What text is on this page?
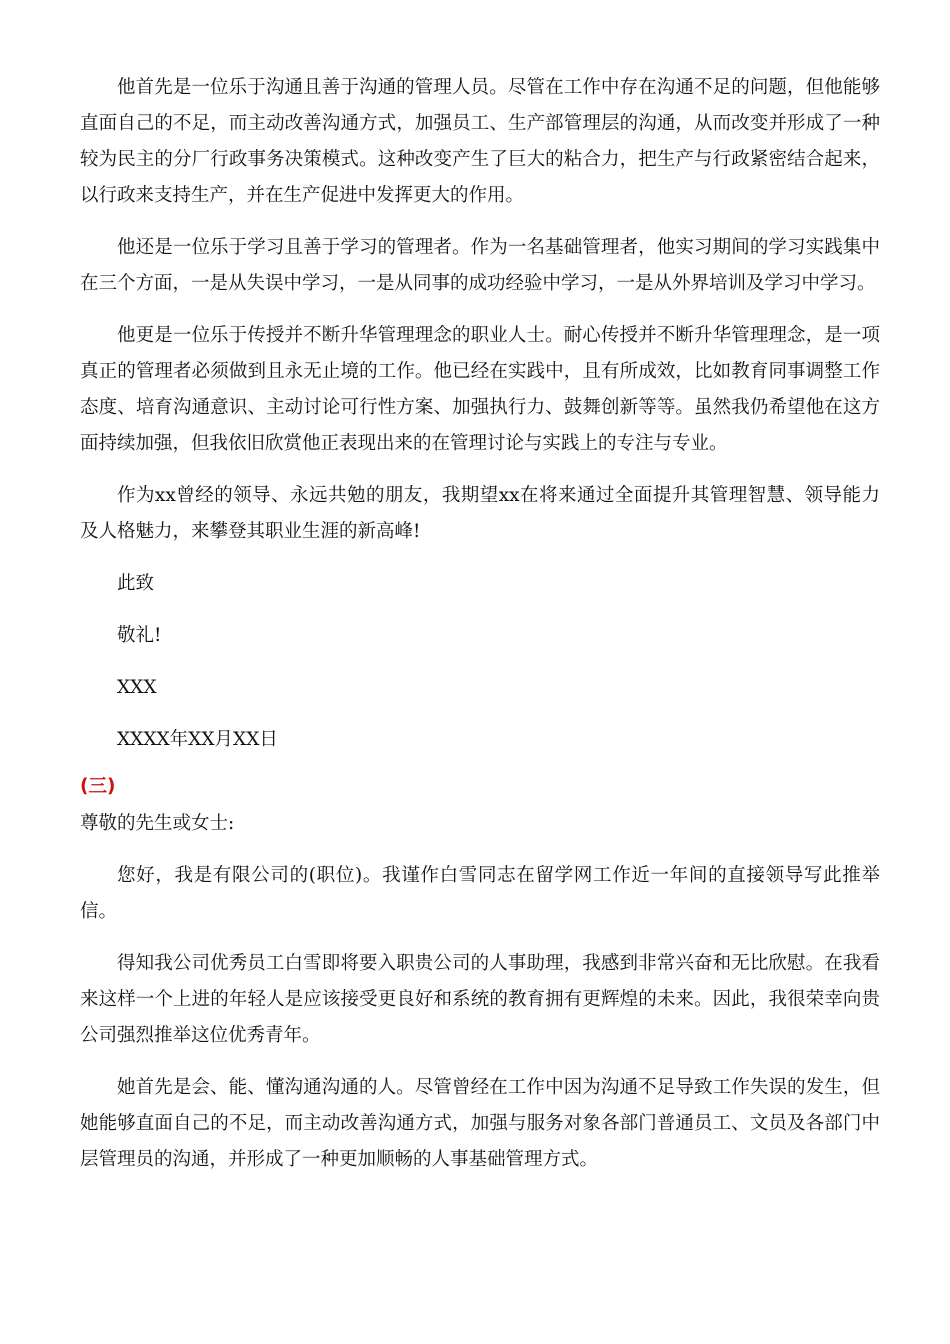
他首先是一位乐于沟通且善于沟通的管理人员。尽管在工作中存在沟通不足的问题，但他能够直面自己的不足，而主动改善沟通方式，加强员工、生产部管理层的沟通，从而改变并形成了一种较为民主的分厂行政事务决策模式。这种改变产生了巨大的粘合力，把生产与行政紧密结合起来，以行政来支持生产，并在生产促进中发挥更大的作用。

他还是一位乐于学习且善于学习的管理者。作为一名基础管理者，他实习期间的学习实践集中在三个方面，一是从失误中学习，一是从同事的成功经验中学习，一是从外界培训及学习中学习。

他更是一位乐于传授并不断升华管理理念的职业人士。耐心传授并不断升华管理理念，是一项真正的管理者必须做到且永无止境的工作。他已经在实践中，且有所成效，比如教育同事调整工作态度、培育沟通意识、主动讨论可行性方案、加强执行力、鼓舞创新等等。虽然我仍希望他在这方面持续加强，但我依旧欣赏他正表现出来的在管理讨论与实践上的专注与专业。

作为xx曾经的领导、永远共勉的朋友，我期望xx在将来通过全面提升其管理智慧、领导能力及人格魅力，来攀登其职业生涯的新高峰!

此致

敬礼!

XXX

XXXX年XX月XX日

(三)

尊敬的先生或女士:

您好，我是有限公司的(职位)。我谨作白雪同志在留学网工作近一年间的直接领导写此推举信。

得知我公司优秀员工白雪即将要入职贵公司的人事助理，我感到非常兴奋和无比欣慰。在我看来这样一个上进的年轻人是应该接受更良好和系统的教育拥有更辉煌的未来。因此，我很荣幸向贵公司强烈推举这位优秀青年。

她首先是会、能、懂沟通沟通的人。尽管曾经在工作中因为沟通不足导致工作失误的发生，但她能够直面自己的不足，而主动改善沟通方式，加强与服务对象各部门普通员工、文员及各部门中层管理员的沟通，并形成了一种更加顺畅的人事基础管理方式。
